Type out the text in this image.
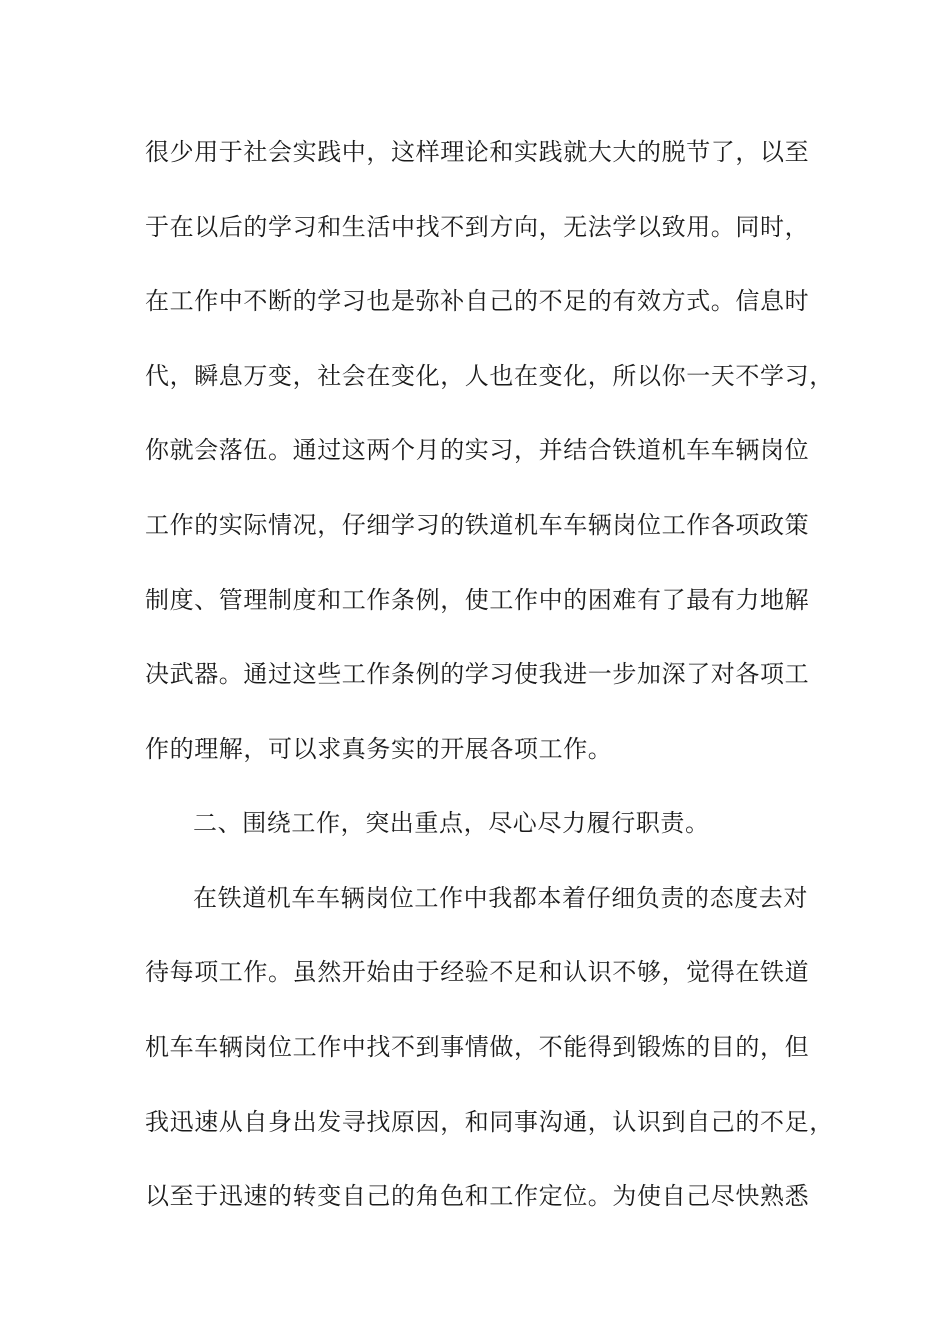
很少用于社会实践中，这样理论和实践就大大的脱节了，以至
于在以后的学习和生活中找不到方向，无法学以致用。同时，
在工作中不断的学习也是弥补自己的不足的有效方式。信息时
代，瞬息万变，社会在变化，人也在变化，所以你一天不学习，
你就会落伍。通过这两个月的实习，并结合铁道机车车辆岗位
工作的实际情况，仔细学习的铁道机车车辆岗位工作各项政策
制度、管理制度和工作条例，使工作中的困难有了最有力地解
决武器。通过这些工作条例的学习使我进一步加深了对各项工
作的理解，可以求真务实的开展各项工作。
二、围绕工作，突出重点，尽心尽力履行职责。
在铁道机车车辆岗位工作中我都本着仔细负责的态度去对
待每项工作。虽然开始由于经验不足和认识不够，觉得在铁道
机车车辆岗位工作中找不到事情做，不能得到锻炼的目的，但
我迅速从自身出发寻找原因，和同事沟通，认识到自己的不足，
以至于迅速的转变自己的角色和工作定位。为使自己尽快熟悉
